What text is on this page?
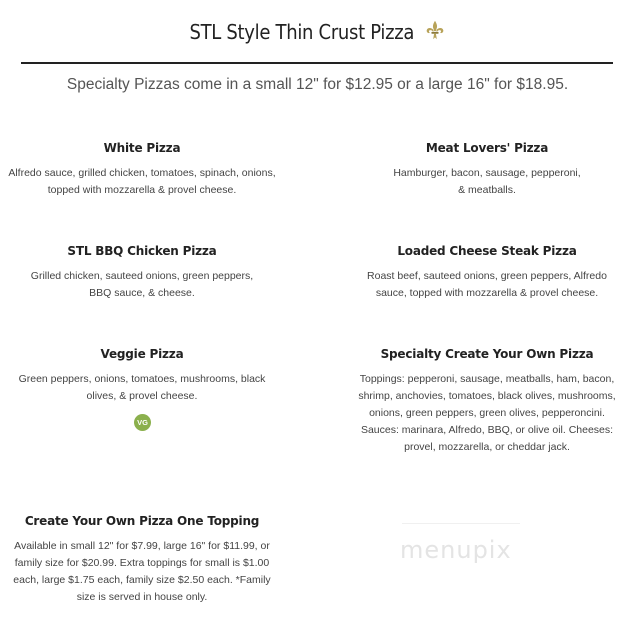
STL Style Thin Crust Pizza
Specialty Pizzas come in a small 12" for $12.95 or a large 16" for $18.95.
White Pizza
Alfredo sauce, grilled chicken, tomatoes, spinach, onions, topped with mozzarella & provel cheese.
Meat Lovers' Pizza
Hamburger, bacon, sausage, pepperoni, & meatballs.
STL BBQ Chicken Pizza
Grilled chicken, sauteed onions, green peppers, BBQ sauce, & cheese.
Loaded Cheese Steak Pizza
Roast beef, sauteed onions, green peppers, Alfredo sauce, topped with mozzarella & provel cheese.
Veggie Pizza
Green peppers, onions, tomatoes, mushrooms, black olives, & provel cheese.
VG
Specialty Create Your Own Pizza
Toppings: pepperoni, sausage, meatballs, ham, bacon, shrimp, anchovies, tomatoes, black olives, mushrooms, onions, green peppers, green olives, pepperoncini. Sauces: marinara, Alfredo, BBQ, or olive oil. Cheeses: provel, mozzarella, or cheddar jack.
Create Your Own Pizza One Topping
Available in small 12" for $7.99, large 16" for $11.99, or family size for $20.99. Extra toppings for small is $1.00 each, large $1.75 each, family size $2.50 each. *Family size is served in house only.
menupix
